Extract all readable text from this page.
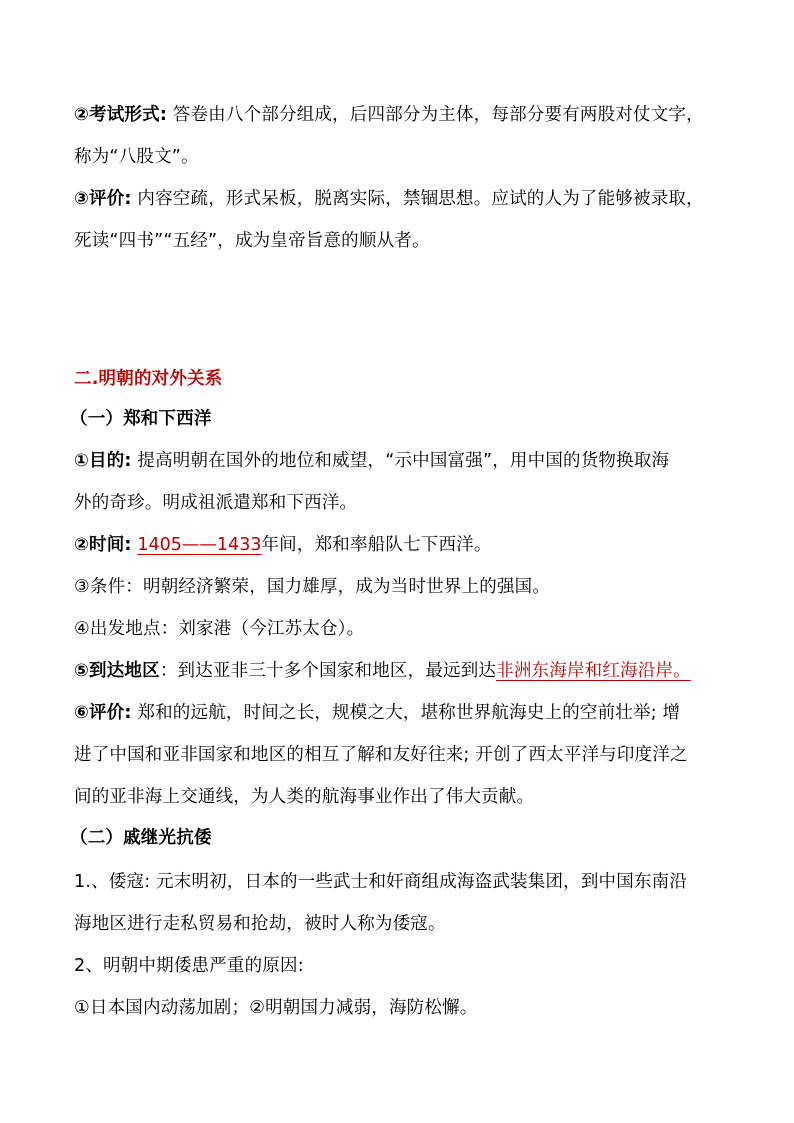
②考试形式: 答卷由八个部分组成，后四部分为主体，每部分要有两股对仗文字，
称为“八股文”。
③评价: 内容空疏，形式呆板，脱离实际，禁锢思想。应试的人为了能够被录取，
死读“四书”“五经”，成为皇帝旨意的顺从者。
二.明朝的对外关系
（一）郑和下西洋
①目的: 提高明朝在国外的地位和威望，“示中国富强”，用中国的货物换取海
外的奇珍。明成祖派遣郑和下西洋。
②时间: 1405——1433年间，郑和率船队七下西洋。
③条件：明朝经济繁荣，国力雄厚，成为当时世界上的强国。
④出发地点：刘家港（今江苏太仓）。
⑤到达地区：到达亚非三十多个国家和地区，最远到达非洲东海岸和红海沿岸。
⑥评价: 郑和的远航，时间之长，规模之大，堪称世界航海史上的空前壮举; 增
进了中国和亚非国家和地区的相互了解和友好往来; 开创了西太平洋与印度洋之
间的亚非海上交通线，为人类的航海事业作出了伟大贡献。
（二）戚继光抗倭
1.、倭寇: 元末明初，日本的一些武士和奸商组成海盗武装集团，到中国东南沿
海地区进行走私贸易和抢劫，被时人称为倭寇。
2、明朝中期倭患严重的原因:
①日本国内动荡加剧；②明朝国力减弱，海防松懈。
